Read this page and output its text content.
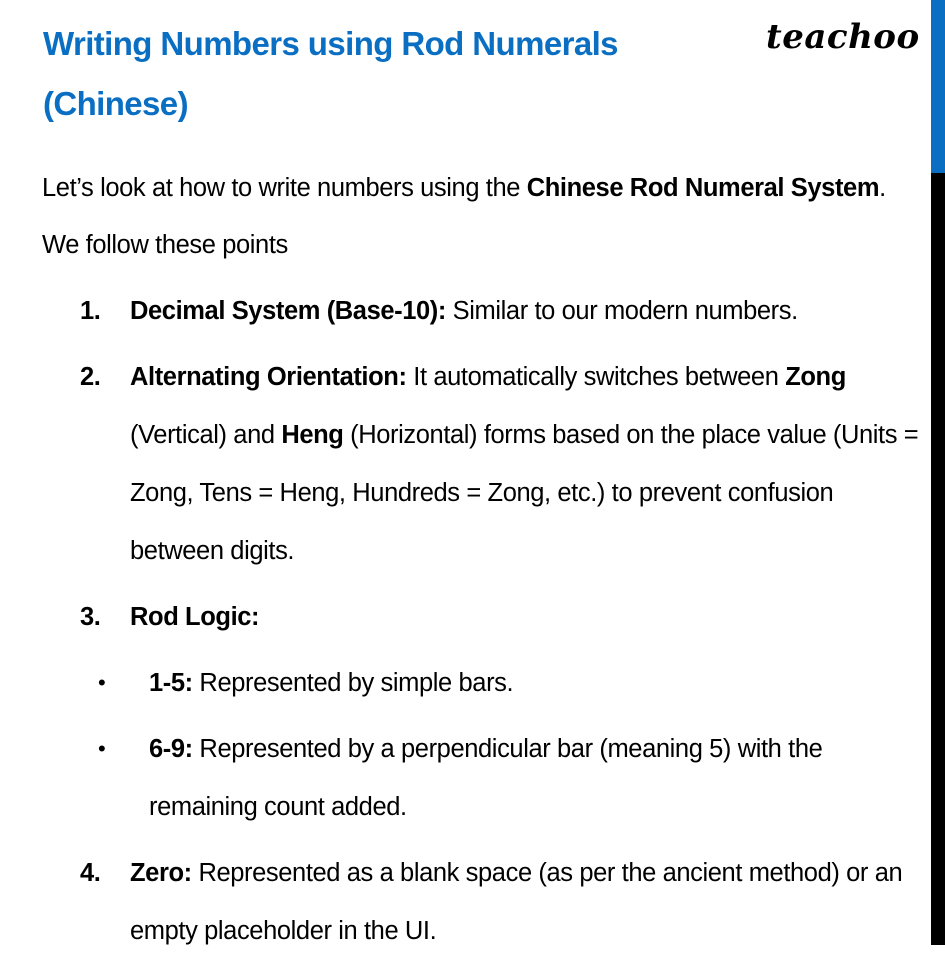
Writing Numbers using Rod Numerals (Chinese)
teachoo

Let’s look at how to write numbers using the Chinese Rod Numeral System. We follow these points

1. Decimal System (Base-10): Similar to our modern numbers.
2. Alternating Orientation: It automatically switches between Zong (Vertical) and Heng (Horizontal) forms based on the place value (Units = Zong, Tens = Heng, Hundreds = Zong, etc.) to prevent confusion between digits.
3. Rod Logic:
• 1-5: Represented by simple bars.
• 6-9: Represented by a perpendicular bar (meaning 5) with the remaining count added.
4. Zero: Represented as a blank space (as per the ancient method) or an empty placeholder in the UI.
